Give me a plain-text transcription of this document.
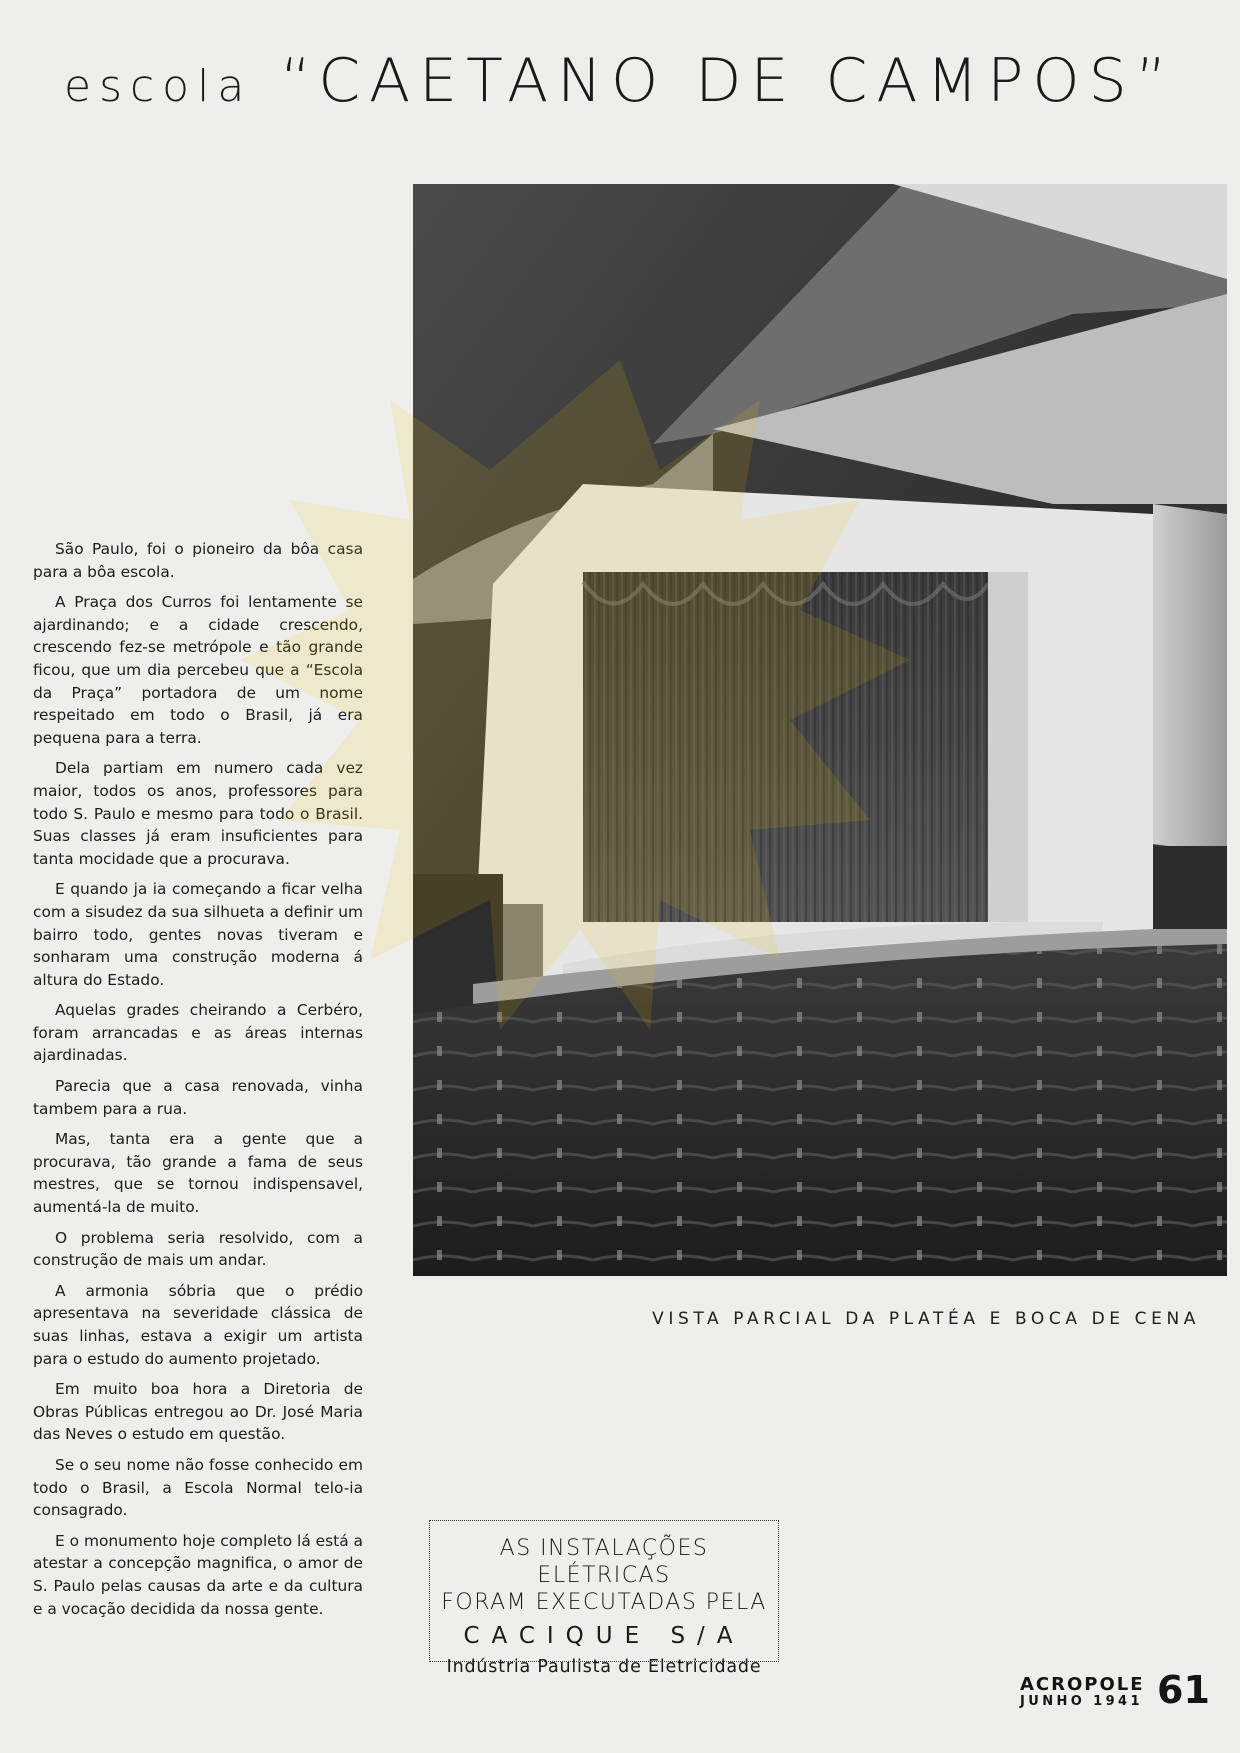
escola “CAETANO DE CAMPOS”

São Paulo, foi o pioneiro da bôa casa para a bôa escola.

A Praça dos Curros foi lentamente se ajardinando; e a cidade crescendo, crescendo fez-se metrópole e tão grande ficou, que um dia percebeu que a “Escola da Praça” portadora de um nome respeitado em todo o Brasil, já era pequena para a terra.

Dela partiam em numero cada vez maior, todos os anos, professores para todo S. Paulo e mesmo para todo o Brasil. Suas classes já eram insuficientes para tanta mocidade que a procurava.

E quando ja ia começando a ficar velha com a sisudez da sua silhueta a definir um bairro todo, gentes novas tiveram e sonharam uma construção moderna á altura do Estado.

Aquelas grades cheirando a Cerbéro, foram arrancadas e as áreas internas ajardinadas.

Parecia que a casa renovada, vinha tambem para a rua.

Mas, tanta era a gente que a procurava, tão grande a fama de seus mestres, que se tornou indispensavel, aumentá-la de muito.

O problema seria resolvido, com a construção de mais um andar.

A armonia sóbria que o prédio apresentava na severidade clássica de suas linhas, estava a exigir um artista para o estudo do aumento projetado.

Em muito boa hora a Diretoria de Obras Públicas entregou ao Dr. José Maria das Neves o estudo em questão.

Se o seu nome não fosse conhecido em todo o Brasil, a Escola Normal telo-ia consagrado.

E o monumento hoje completo lá está a atestar a concepção magnifica, o amor de S. Paulo pelas causas da arte e da cultura e a vocação decidida da nossa gente.

VISTA PARCIAL DA PLATÉA E BOCA DE CENA
AS INSTALAÇÕES ELÉTRICAS
FORAM EXECUTADAS PELA
CACIQUE S/A
Indústria Paulista de Eletricidade
ACROPOLE
JUNHO 1941 61
